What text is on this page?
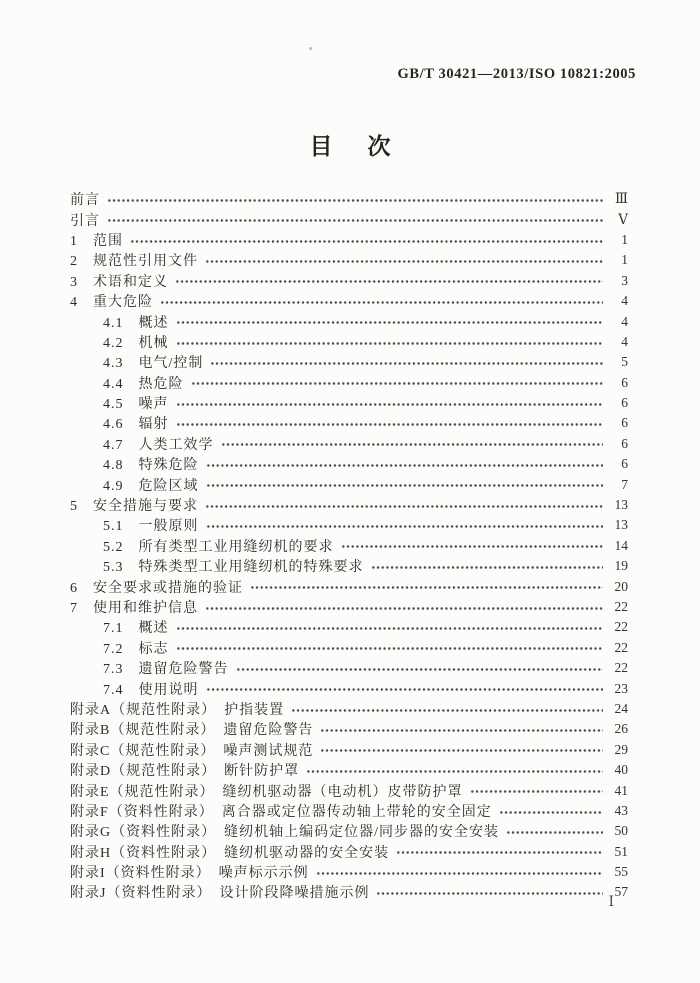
GB/T 30421—2013/ISO 10821:2005
目　次
前言	Ⅲ
引言	Ⅴ
1　范围	1
2　规范性引用文件	1
3　术语和定义	3
4　重大危险	4
4.1　概述	4
4.2　机械	4
4.3　电气/控制	5
4.4　热危险	6
4.5　噪声	6
4.6　辐射	6
4.7　人类工效学	6
4.8　特殊危险	6
4.9　危险区域	7
5　安全措施与要求	13
5.1　一般原则	13
5.2　所有类型工业用缝纫机的要求	14
5.3　特殊类型工业用缝纫机的特殊要求	19
6　安全要求或措施的验证	20
7　使用和维护信息	22
7.1　概述	22
7.2　标志	22
7.3　遗留危险警告	22
7.4　使用说明	23
附录A（规范性附录）　护指装置	24
附录B（规范性附录）　遗留危险警告	26
附录C（规范性附录）　噪声测试规范	29
附录D（规范性附录）　断针防护罩	40
附录E（规范性附录）　缝纫机驱动器（电动机）皮带防护罩	41
附录F（资料性附录）　离合器或定位器传动轴上带轮的安全固定	43
附录G（资料性附录）　缝纫机轴上编码定位器/同步器的安全安装	50
附录H（资料性附录）　缝纫机驱动器的安全安装	51
附录I（资料性附录）　噪声标示示例	55
附录J（资料性附录）　设计阶段降噪措施示例	57
Ⅰ
